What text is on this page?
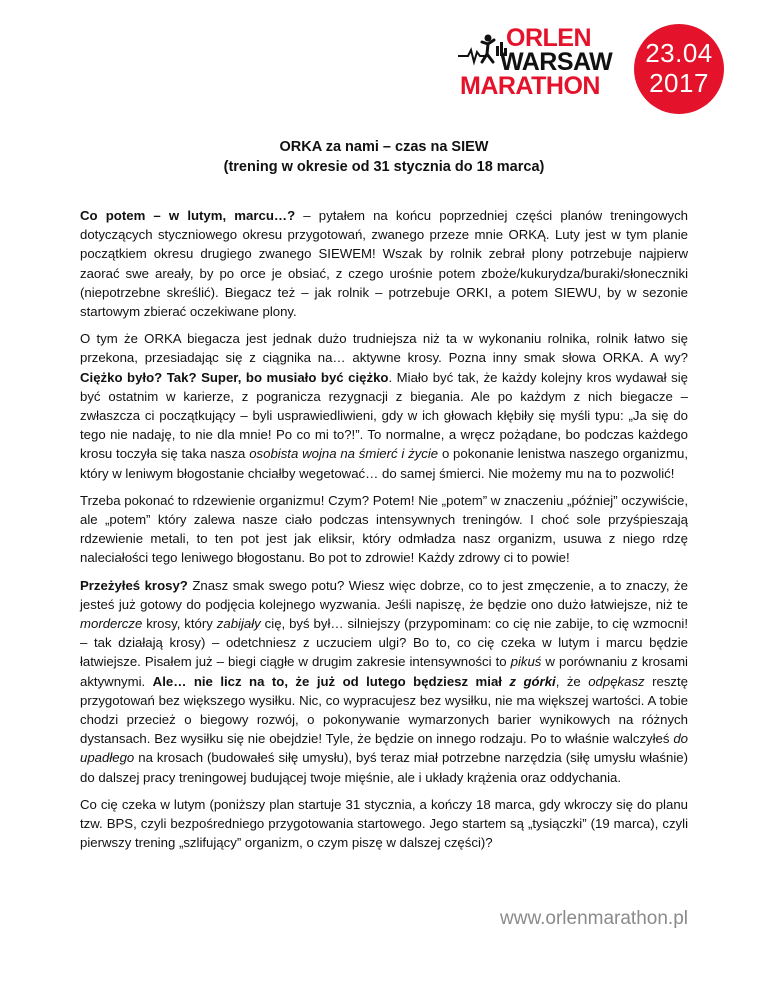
ORLEN
WARSAW
MARATHON
23.04
2017
ORKA za nami – czas na SIEW
(trening w okresie od 31 stycznia do 18 marca)

Co potem – w lutym, marcu…? – pytałem na końcu poprzedniej części planów treningowych dotyczących styczniowego okresu przygotowań, zwanego przeze mnie ORKĄ. Luty jest w tym planie początkiem okresu drugiego zwanego SIEWEM! Wszak by rolnik zebrał plony potrzebuje najpierw zaorać swe areały, by po orce je obsiać, z czego urośnie potem zboże/kukurydza/buraki/słoneczniki (niepotrzebne skreślić). Biegacz też – jak rolnik – potrzebuje ORKI, a potem SIEWU, by w sezonie startowym zbierać oczekiwane plony.

O tym że ORKA biegacza jest jednak dużo trudniejsza niż ta w wykonaniu rolnika, rolnik łatwo się przekona, przesiadając się z ciągnika na… aktywne krosy. Pozna inny smak słowa ORKA. A wy? Ciężko było? Tak? Super, bo musiało być ciężko. Miało być tak, że każdy kolejny kros wydawał się być ostatnim w karierze, z pogranicza rezygnacji z biegania. Ale po każdym z nich biegacze – zwłaszcza ci początkujący – byli usprawiedliwieni, gdy w ich głowach kłębiły się myśli typu: „Ja się do tego nie nadaję, to nie dla mnie! Po co mi to?!”. To normalne, a wręcz pożądane, bo podczas każdego krosu toczyła się taka nasza osobista wojna na śmierć i życie o pokonanie lenistwa naszego organizmu, który w leniwym błogostanie chciałby wegetować… do samej śmierci. Nie możemy mu na to pozwolić!

Trzeba pokonać to rdzewienie organizmu! Czym? Potem! Nie „potem” w znaczeniu „później” oczywiście, ale „potem” który zalewa nasze ciało podczas intensywnych treningów. I choć sole przyśpieszają rdzewienie metali, to ten pot jest jak eliksir, który odmładza nasz organizm, usuwa z niego rdzę naleciałości tego leniwego błogostanu. Bo pot to zdrowie! Każdy zdrowy ci to powie!

Przeżyłeś krosy? Znasz smak swego potu? Wiesz więc dobrze, co to jest zmęczenie, a to znaczy, że jesteś już gotowy do podjęcia kolejnego wyzwania. Jeśli napiszę, że będzie ono dużo łatwiejsze, niż te mordercze krosy, który zabijały cię, byś był… silniejszy (przypominam: co cię nie zabije, to cię wzmocni! – tak działają krosy) – odetchniesz z uczuciem ulgi? Bo to, co cię czeka w lutym i marcu będzie łatwiejsze. Pisałem już – biegi ciągłe w drugim zakresie intensywności to pikuś w porównaniu z krosami aktywnymi. Ale… nie licz na to, że już od lutego będziesz miał z górki, że odpękasz resztę przygotowań bez większego wysiłku. Nic, co wypracujesz bez wysiłku, nie ma większej wartości. A tobie chodzi przecież o biegowy rozwój, o pokonywanie wymarzonych barier wynikowych na różnych dystansach. Bez wysiłku się nie obejdzie! Tyle, że będzie on innego rodzaju. Po to właśnie walczyłeś do upadłego na krosach (budowałeś siłę umysłu), byś teraz miał potrzebne narzędzia (siłę umysłu właśnie) do dalszej pracy treningowej budującej twoje mięśnie, ale i układy krążenia oraz oddychania.

Co cię czeka w lutym (poniższy plan startuje 31 stycznia, a kończy 18 marca, gdy wkroczy się do planu tzw. BPS, czyli bezpośredniego przygotowania startowego. Jego startem są „tysiączki” (19 marca), czyli pierwszy trening „szlifujący” organizm, o czym piszę w dalszej części)?

www.orlenmarathon.pl
